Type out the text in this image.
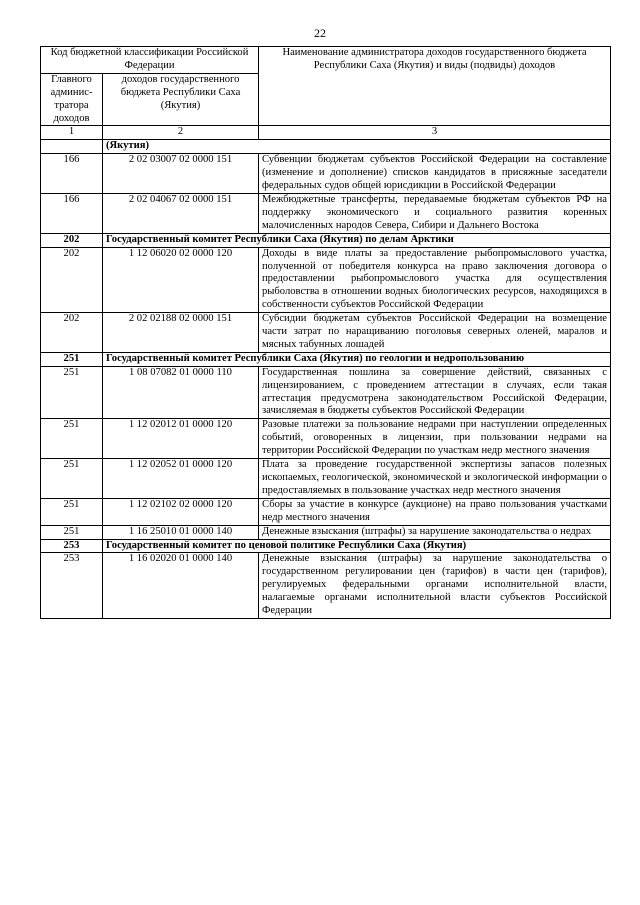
22
Код бюджетной классификации Российской Федерации		Наименование администратора доходов государственного бюджета Республики Саха (Якутия) и виды (подвиды) доходов
Главного админис-тратора доходов	доходов государственного бюджета Республики Саха (Якутия)	
1	2	3
	(Якутия)	
166	2 02 03007 02 0000 151	Субвенции бюджетам субъектов Российской Федерации на составление (изменение и дополнение) списков кандидатов в присяжные заседатели федеральных судов общей юрисдикции в Российской Федерации
166	2 02 04067 02 0000 151	Межбюджетные трансферты, передаваемые бюджетам субъектов РФ на поддержку экономического и социального развития коренных малочисленных народов Севера, Сибири и Дальнего Востока
202	Государственный комитет Республики Саха (Якутия) по делам Арктики	
202	1 12 06020 02 0000 120	Доходы в виде платы за предоставление рыбопромыслового участка, полученной от победителя конкурса на право заключения договора о предоставлении рыбопромыслового участка для осуществления рыболовства в отношении водных биологических ресурсов, находящихся в собственности субъектов Российской Федерации
202	2 02 02188 02 0000 151	Субсидии бюджетам субъектов Российской Федерации на возмещение части затрат по наращиванию поголовья северных оленей, маралов и мясных табунных лошадей
251	Государственный комитет Республики Саха (Якутия) по геологии и недропользованию	
251	1 08 07082 01 0000 110	Государственная пошлина за совершение действий, связанных с лицензированием, с проведением аттестации в случаях, если такая аттестация предусмотрена законодательством Российской Федерации, зачисляемая в бюджеты субъектов Российской Федерации
251	1 12 02012 01 0000 120	Разовые платежи за пользование недрами при наступлении определенных событий, оговоренных в лицензии, при пользовании недрами на территории Российской Федерации по участкам недр местного значения
251	1 12 02052 01 0000 120	Плата за проведение государственной экспертизы запасов полезных ископаемых, геологической, экономической и экологической информации о предоставляемых в пользование участках недр местного значения
251	1 12 02102 02 0000 120	Сборы за участие в конкурсе (аукционе) на право пользования участками недр местного значения
251	1 16 25010 01 0000 140	Денежные взыскания (штрафы) за нарушение законодательства о недрах
253	Государственный комитет по ценовой политике Республики Саха (Якутия)	
253	1 16 02020 01 0000 140	Денежные взыскания (штрафы) за нарушение законодательства о государственном регулировании цен (тарифов) в части цен (тарифов), регулируемых федеральными органами исполнительной власти, налагаемые органами исполнительной власти субъектов Российской Федерации
